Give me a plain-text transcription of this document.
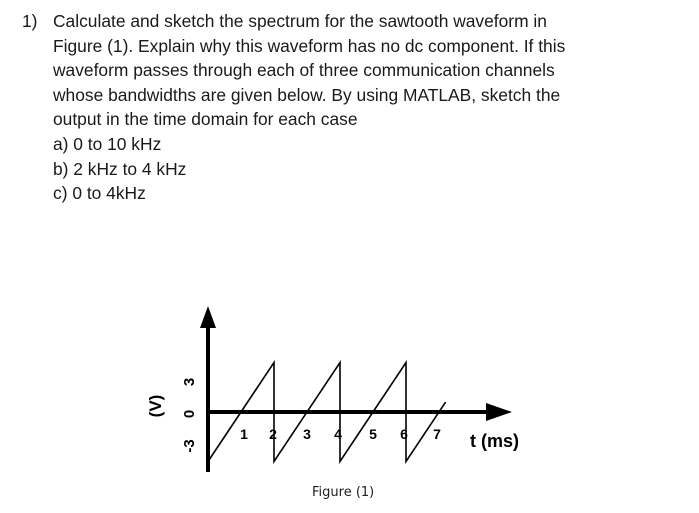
1) Calculate and sketch the spectrum for the sawtooth waveform in
Figure (1). Explain why this waveform has no dc component. If this
waveform passes through each of three communication channels
whose bandwidths are given below. By using MATLAB, sketch the
output in the time domain for each case
a) 0 to 10 kHz
b) 2 kHz to 4 kHz
c) 0 to 4kHz
3
0
-3
(V)
1 2 3 4 5 6 7 t (ms)
Figure (1)
